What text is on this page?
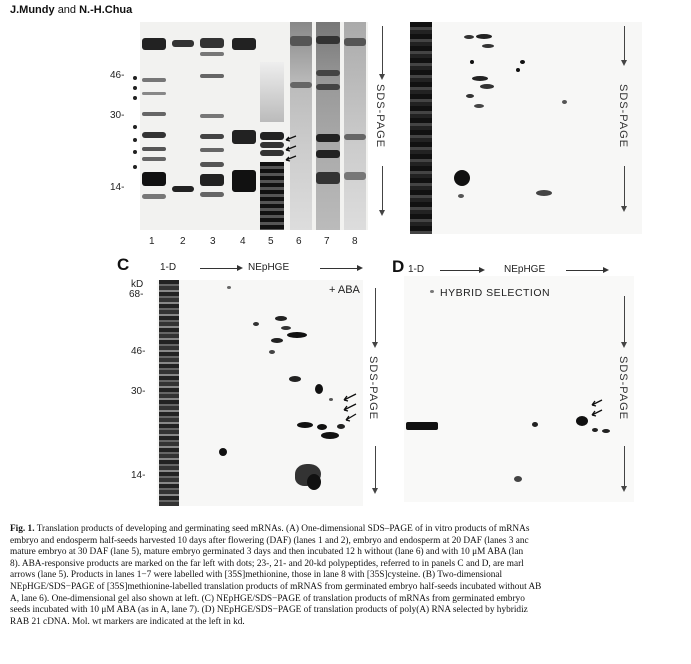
J.Mundy and N.-H.Chua
46-
30-
14-
1	2 3 4 5 6 7 8
SDS-PAGE	SDS-PAGE
C	1-D	NEpHGE
kD
68-
46-
30-
14-
+ ABA
SDS-PAGE
D 1-D	NEpHGE
HYBRID SELECTION
SDS-PAGE

Fig. 1. Translation products of developing and germinating seed mRNAs. (A) One-dimensional SDS–PAGE of in vitro products of mRNAs

embryo and endosperm half-seeds harvested 10 days after flowering (DAF) (lanes 1 and 2), embryo and endosperm at 20 DAF (lanes 3 anc

mature embryo at 30 DAF (lane 5), mature embryo germinated 3 days and then incubated 12 h without (lane 6) and with 10 μM ABA (lan

8). ABA-responsive products are marked on the far left with dots; 23-, 21- and 20-kd polypeptides, referred to in panels C and D, are marl

arrows (lane 5). Products in lanes 1−7 were labelled with [35S]methionine, those in lane 8 with [35S]cysteine. (B) Two-dimensional

NEpHGE/SDS−PAGE of [35S]methionine-labelled translation products of mRNAS from germinated embryo half-seeds incubated without AB

A, lane 6). One-dimensional gel also shown at left. (C) NEpHGE/SDS−PAGE of translation products of mRNAs from germinated embryo

seeds incubated with 10 μM ABA (as in A, lane 7). (D) NEpHGE/SDS−PAGE of translation products of poly(A) RNA selected by hybridiz

RAB 21 cDNA. Mol. wt markers are indicated at the left in kd.
